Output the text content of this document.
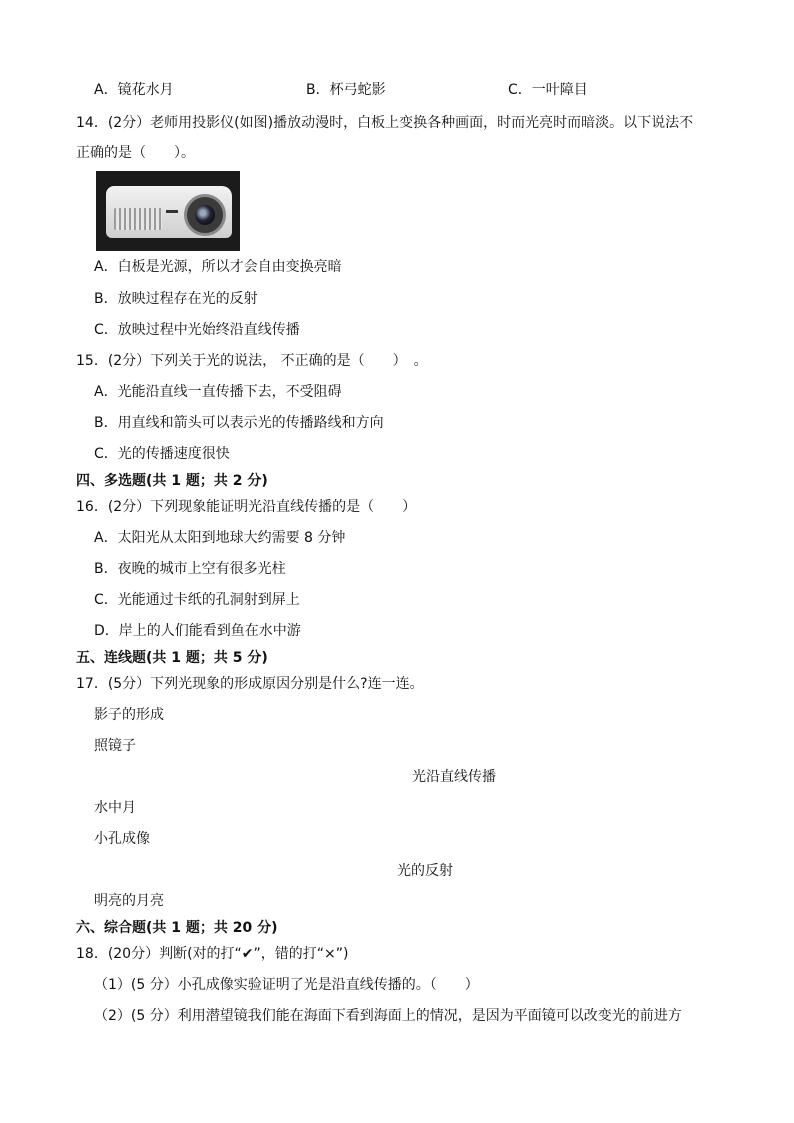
A．镜花水月	B．杯弓蛇影	C．一叶障目
14．(2分）老师用投影仪(如图)播放动漫时，白板上变换各种画面，时而光亮时而暗淡。以下说法不
正确的是（　　）。
A．白板是光源，所以才会自由变换亮暗
B．放映过程存在光的反射
C．放映过程中光始终沿直线传播
15．(2分）下列关于光的说法， 不正确的是（　　）　。
A．光能沿直线一直传播下去，不受阻碍
B．用直线和箭头可以表示光的传播路线和方向
C．光的传播速度很快
四、多选题(共 1 题；共 2 分)
16．(2分）下列现象能证明光沿直线传播的是（　　）
A．太阳光从太阳到地球大约需要 8 分钟
B．夜晚的城市上空有很多光柱
C．光能通过卡纸的孔洞射到屏上
D．岸上的人们能看到鱼在水中游
五、连线题(共 1 题；共 5 分)
17．(5分）下列光现象的形成原因分别是什么?连一连。
影子的形成
照镜子
光沿直线传播
水中月
小孔成像
光的反射
明亮的月亮
六、综合题(共 1 题；共 20 分)
18．(20分）判断(对的打“✔”，错的打“×”)
（1）(5 分）小孔成像实验证明了光是沿直线传播的。（　　）
（2）(5 分）利用潜望镜我们能在海面下看到海面上的情况，是因为平面镜可以改变光的前进方
